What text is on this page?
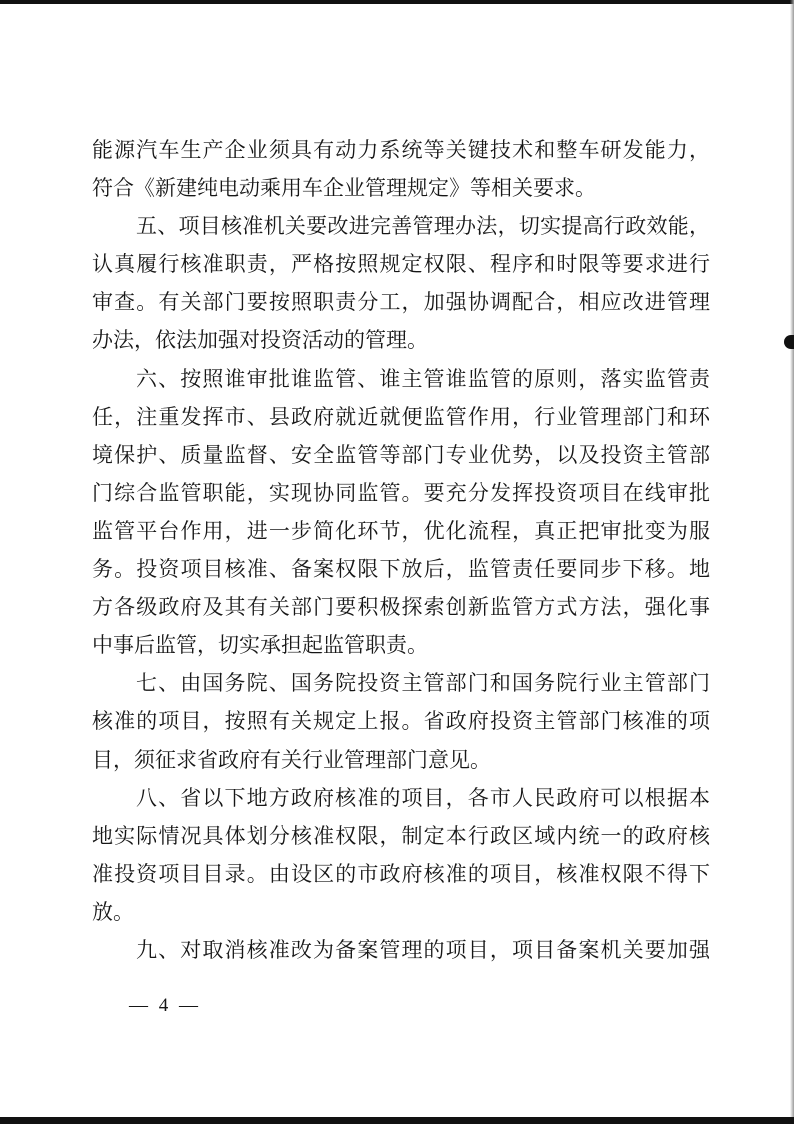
能源汽车生产企业须具有动力系统等关键技术和整车研发能力，
符合《新建纯电动乘用车企业管理规定》等相关要求。
五、项目核准机关要改进完善管理办法，切实提高行政效能，
认真履行核准职责，严格按照规定权限、程序和时限等要求进行
审查。有关部门要按照职责分工，加强协调配合，相应改进管理
办法，依法加强对投资活动的管理。
六、按照谁审批谁监管、谁主管谁监管的原则，落实监管责
任，注重发挥市、县政府就近就便监管作用，行业管理部门和环
境保护、质量监督、安全监管等部门专业优势，以及投资主管部
门综合监管职能，实现协同监管。要充分发挥投资项目在线审批
监管平台作用，进一步简化环节，优化流程，真正把审批变为服
务。投资项目核准、备案权限下放后，监管责任要同步下移。地
方各级政府及其有关部门要积极探索创新监管方式方法，强化事
中事后监管，切实承担起监管职责。
七、由国务院、国务院投资主管部门和国务院行业主管部门
核准的项目，按照有关规定上报。省政府投资主管部门核准的项
目，须征求省政府有关行业管理部门意见。
八、省以下地方政府核准的项目，各市人民政府可以根据本
地实际情况具体划分核准权限，制定本行政区域内统一的政府核
准投资项目目录。由设区的市政府核准的项目，核准权限不得下
放。
九、对取消核准改为备案管理的项目，项目备案机关要加强
— 4 —
